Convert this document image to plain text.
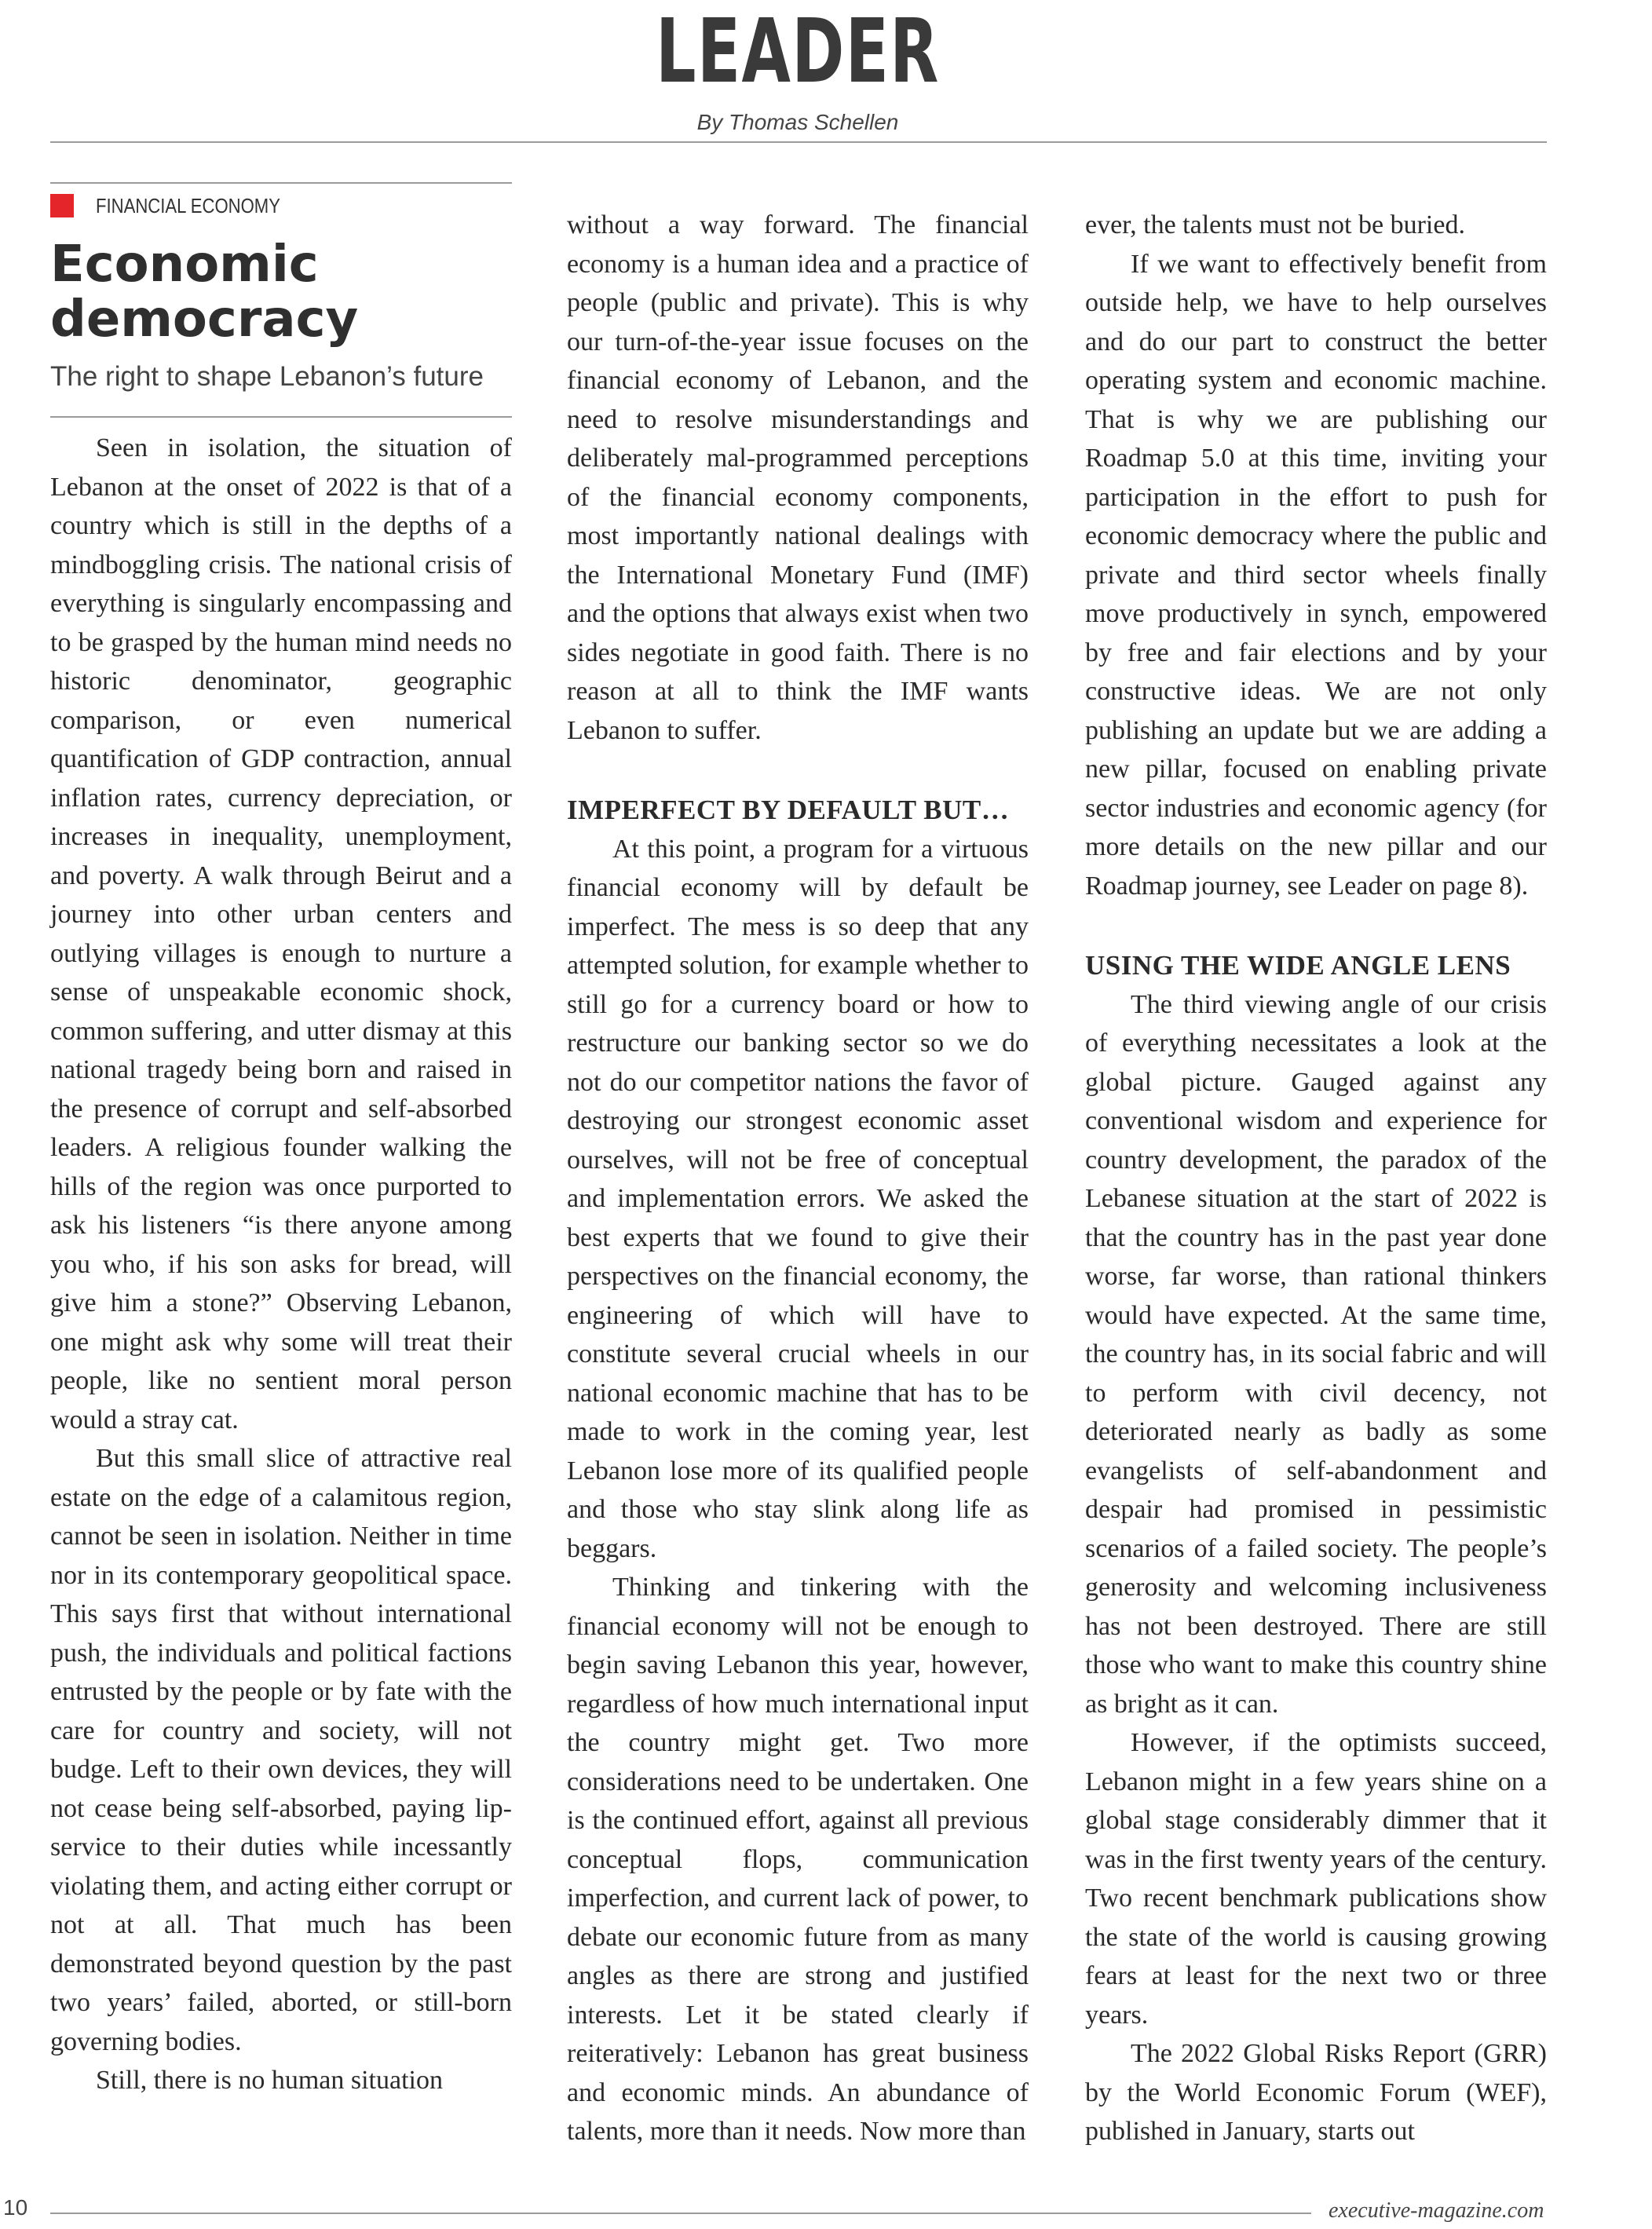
LEADER
By Thomas Schellen
FINANCIAL ECONOMY
Economic
democracy
The right to shape Lebanon’s future

Seen in isolation, the situation of Lebanon at the onset of 2022 is that of a country which is still in the depths of a mindboggling crisis. The national crisis of everything is singularly encompassing and to be grasped by the human mind needs no historic denominator, geographic comparison, or even numerical quantification of GDP contraction, annual inflation rates, currency depreciation, or increases in inequality, unemployment, and poverty. A walk through Beirut and a journey into other urban centers and outlying villages is enough to nurture a sense of unspeakable economic shock, common suffering, and utter dismay at this national tragedy being born and raised in the presence of corrupt and self-absorbed leaders. A religious founder walking the hills of the region was once purported to ask his listeners “is there anyone among you who, if his son asks for bread, will give him a stone?” Observing Lebanon, one might ask why some will treat their people, like no sentient moral person would a stray cat.

But this small slice of attractive real estate on the edge of a calamitous region, cannot be seen in isolation. Neither in time nor in its contemporary geopolitical space. This says first that without international push, the individuals and political factions entrusted by the people or by fate with the care for country and society, will not budge. Left to their own devices, they will not cease being self-absorbed, paying lip-service to their duties while incessantly violating them, and acting either corrupt or not at all. That much has been demonstrated beyond question by the past two years’ failed, aborted, or still-born governing bodies.

Still, there is no human situation

without a way forward. The financial economy is a human idea and a practice of people (public and private). This is why our turn-of-the-year issue focuses on the financial economy of Lebanon, and the need to resolve misunderstandings and deliberately mal-programmed perceptions of the financial economy components, most importantly national dealings with the International Monetary Fund (IMF) and the options that always exist when two sides negotiate in good faith. There is no reason at all to think the IMF wants Lebanon to suffer.

IMPERFECT BY DEFAULT BUT…

At this point, a program for a virtuous financial economy will by default be imperfect. The mess is so deep that any attempted solution, for example whether to still go for a currency board or how to restructure our banking sector so we do not do our competitor nations the favor of destroying our strongest economic asset ourselves, will not be free of conceptual and implementation errors. We asked the best experts that we found to give their perspectives on the financial economy, the engineering of which will have to constitute several crucial wheels in our national economic machine that has to be made to work in the coming year, lest Lebanon lose more of its qualified people and those who stay slink along life as beggars.

Thinking and tinkering with the financial economy will not be enough to begin saving Lebanon this year, however, regardless of how much international input the country might get. Two more considerations need to be undertaken. One is the continued effort, against all previous conceptual flops, communication imperfection, and current lack of power, to debate our economic future from as many angles as there are strong and justified interests. Let it be stated clearly if reiteratively: Lebanon has great business and economic minds. An abundance of talents, more than it needs. Now more than

ever, the talents must not be buried.

If we want to effectively benefit from outside help, we have to help ourselves and do our part to construct the better operating system and economic machine. That is why we are publishing our Roadmap 5.0 at this time, inviting your participation in the effort to push for economic democracy where the public and private and third sector wheels finally move productively in synch, empowered by free and fair elections and by your constructive ideas. We are not only publishing an update but we are adding a new pillar, focused on enabling private sector industries and economic agency (for more details on the new pillar and our Roadmap journey, see Leader on page 8).

USING THE WIDE ANGLE LENS

The third viewing angle of our crisis of everything necessitates a look at the global picture. Gauged against any conventional wisdom and experience for country development, the paradox of the Lebanese situation at the start of 2022 is that the country has in the past year done worse, far worse, than rational thinkers would have expected. At the same time, the country has, in its social fabric and will to perform with civil decency, not deteriorated nearly as badly as some evangelists of self-abandonment and despair had promised in pessimistic scenarios of a failed society. The people’s generosity and welcoming inclusiveness has not been destroyed. There are still those who want to make this country shine as bright as it can.

However, if the optimists succeed, Lebanon might in a few years shine on a global stage considerably dimmer that it was in the first twenty years of the century. Two recent benchmark publications show the state of the world is causing growing fears at least for the next two or three years.

The 2022 Global Risks Report (GRR) by the World Economic Forum (WEF), published in January, starts out

10	executive-magazine.com
